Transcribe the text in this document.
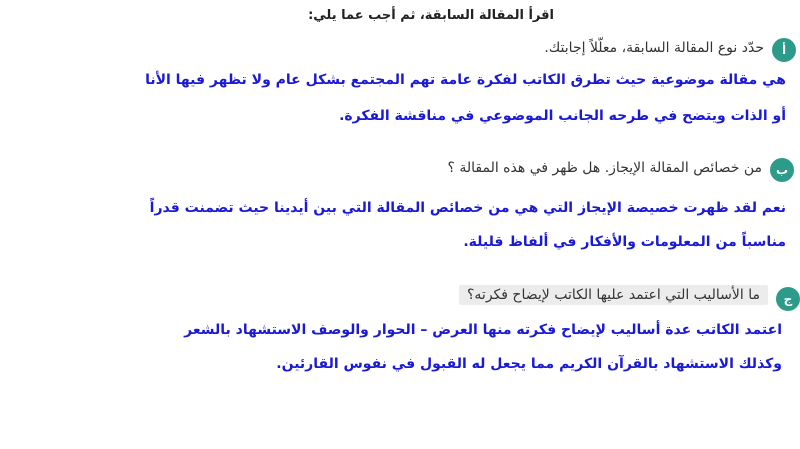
اقرأ المقالة السابقة، ثم أجب عما يلي:
أ
حدّد نوع المقالة السابقة، معلّلاً إجابتك.
هي مقالة موضوعية حيث تطرق الكاتب لفكرة عامة تهم المجتمع بشكل عام ولا تظهر فيها الأنا
أو الذات ويتضح في طرحه الجانب الموضوعي في مناقشة الفكرة.
ب
من خصائص المقالة الإيجاز. هل ظهر في هذه المقالة ؟
نعم لقد ظهرت خصيصة الإيجاز التي هي من خصائص المقالة التي بين أيدينا حيث تضمنت قدراً
مناسباً من المعلومات والأفكار في ألفاظ قليلة.
ج
ما الأساليب التي اعتمد عليها الكاتب لإيضاح فكرته؟
اعتمد الكاتب عدة أساليب لإيضاح فكرته منها العرض – الحوار والوصف الاستشهاد بالشعر
وكذلك الاستشهاد بالقرآن الكريم مما يجعل له القبول في نفوس القارئين.
